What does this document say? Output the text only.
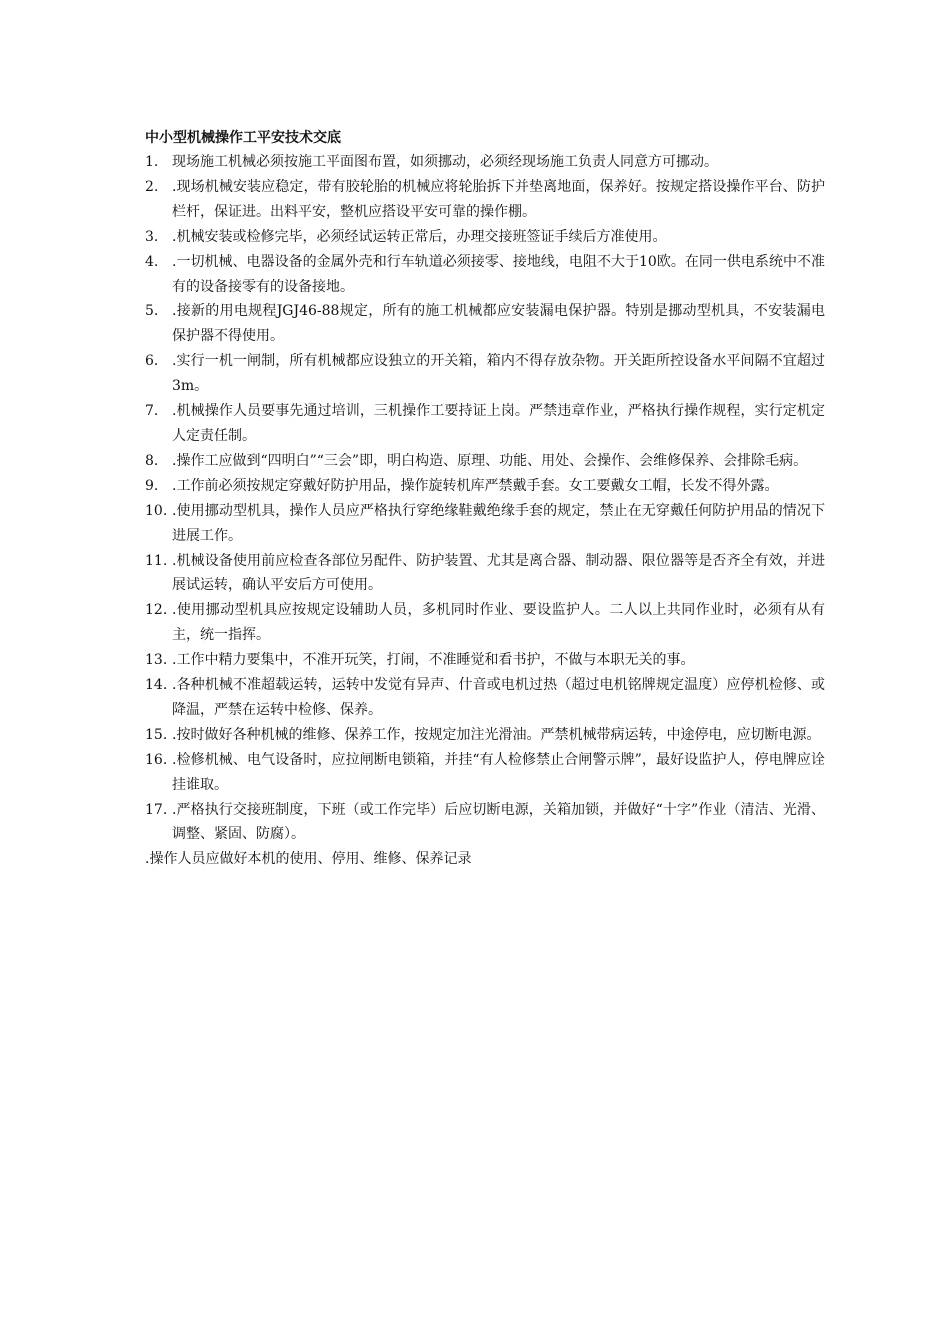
中小型机械操作工平安技术交底
1. 现场施工机械必须按施工平面图布置，如须挪动，必须经现场施工负责人同意方可挪动。
2. .现场机械安装应稳定，带有胶轮胎的机械应将轮胎拆下并垫离地面，保养好。按规定搭设操作平台、防护栏杆，保证进。出料平安，整机应搭设平安可靠的操作棚。
3. .机械安装或检修完毕，必须经试运转正常后，办理交接班签证手续后方准使用。
4. .一切机械、电器设备的金属外壳和行车轨道必须接零、接地线，电阻不大于10欧。在同一供电系统中不准有的设备接零有的设备接地。
5. .接新的用电规程JGJ46-88规定，所有的施工机械都应安装漏电保护器。特别是挪动型机具，不安装漏电保护器不得使用。
6. .实行一机一闸制，所有机械都应设独立的开关箱，箱内不得存放杂物。开关距所控设备水平间隔不宜超过3m。
7. .机械操作人员要事先通过培训，三机操作工要持证上岗。严禁违章作业，严格执行操作规程，实行定机定人定责任制。
8. .操作工应做到“四明白”“三会”即，明白构造、原理、功能、用处、会操作、会维修保养、会排除毛病。
9. .工作前必须按规定穿戴好防护用品，操作旋转机库严禁戴手套。女工要戴女工帽，长发不得外露。
10. .使用挪动型机具，操作人员应严格执行穿绝缘鞋戴绝缘手套的规定，禁止在无穿戴任何防护用品的情况下进展工作。
11. .机械设备使用前应检查各部位另配件、防护装置、尤其是离合器、制动器、限位器等是否齐全有效，并进展试运转，确认平安后方可使用。
12. .使用挪动型机具应按规定设辅助人员，多机同时作业、要设监护人。二人以上共同作业时，必须有从有主，统一指挥。
13. .工作中精力要集中，不准开玩笑，打闹，不准睡觉和看书护，不做与本职无关的事。
14. .各种机械不准超载运转，运转中发觉有异声、什音或电机过热（超过电机铭牌规定温度）应停机检修、或降温，严禁在运转中检修、保养。
15. .按时做好各种机械的维修、保养工作，按规定加注光滑油。严禁机械带病运转，中途停电，应切断电源。
16. .检修机械、电气设备时，应拉闸断电锁箱，并挂“有人检修禁止合闸警示牌”，最好设监护人，停电牌应诠挂谁取。
17. .严格执行交接班制度，下班（或工作完毕）后应切断电源，关箱加锁，并做好“十字”作业（清洁、光滑、调整、紧固、防腐）。

.操作人员应做好本机的使用、停用、维修、保养记录
